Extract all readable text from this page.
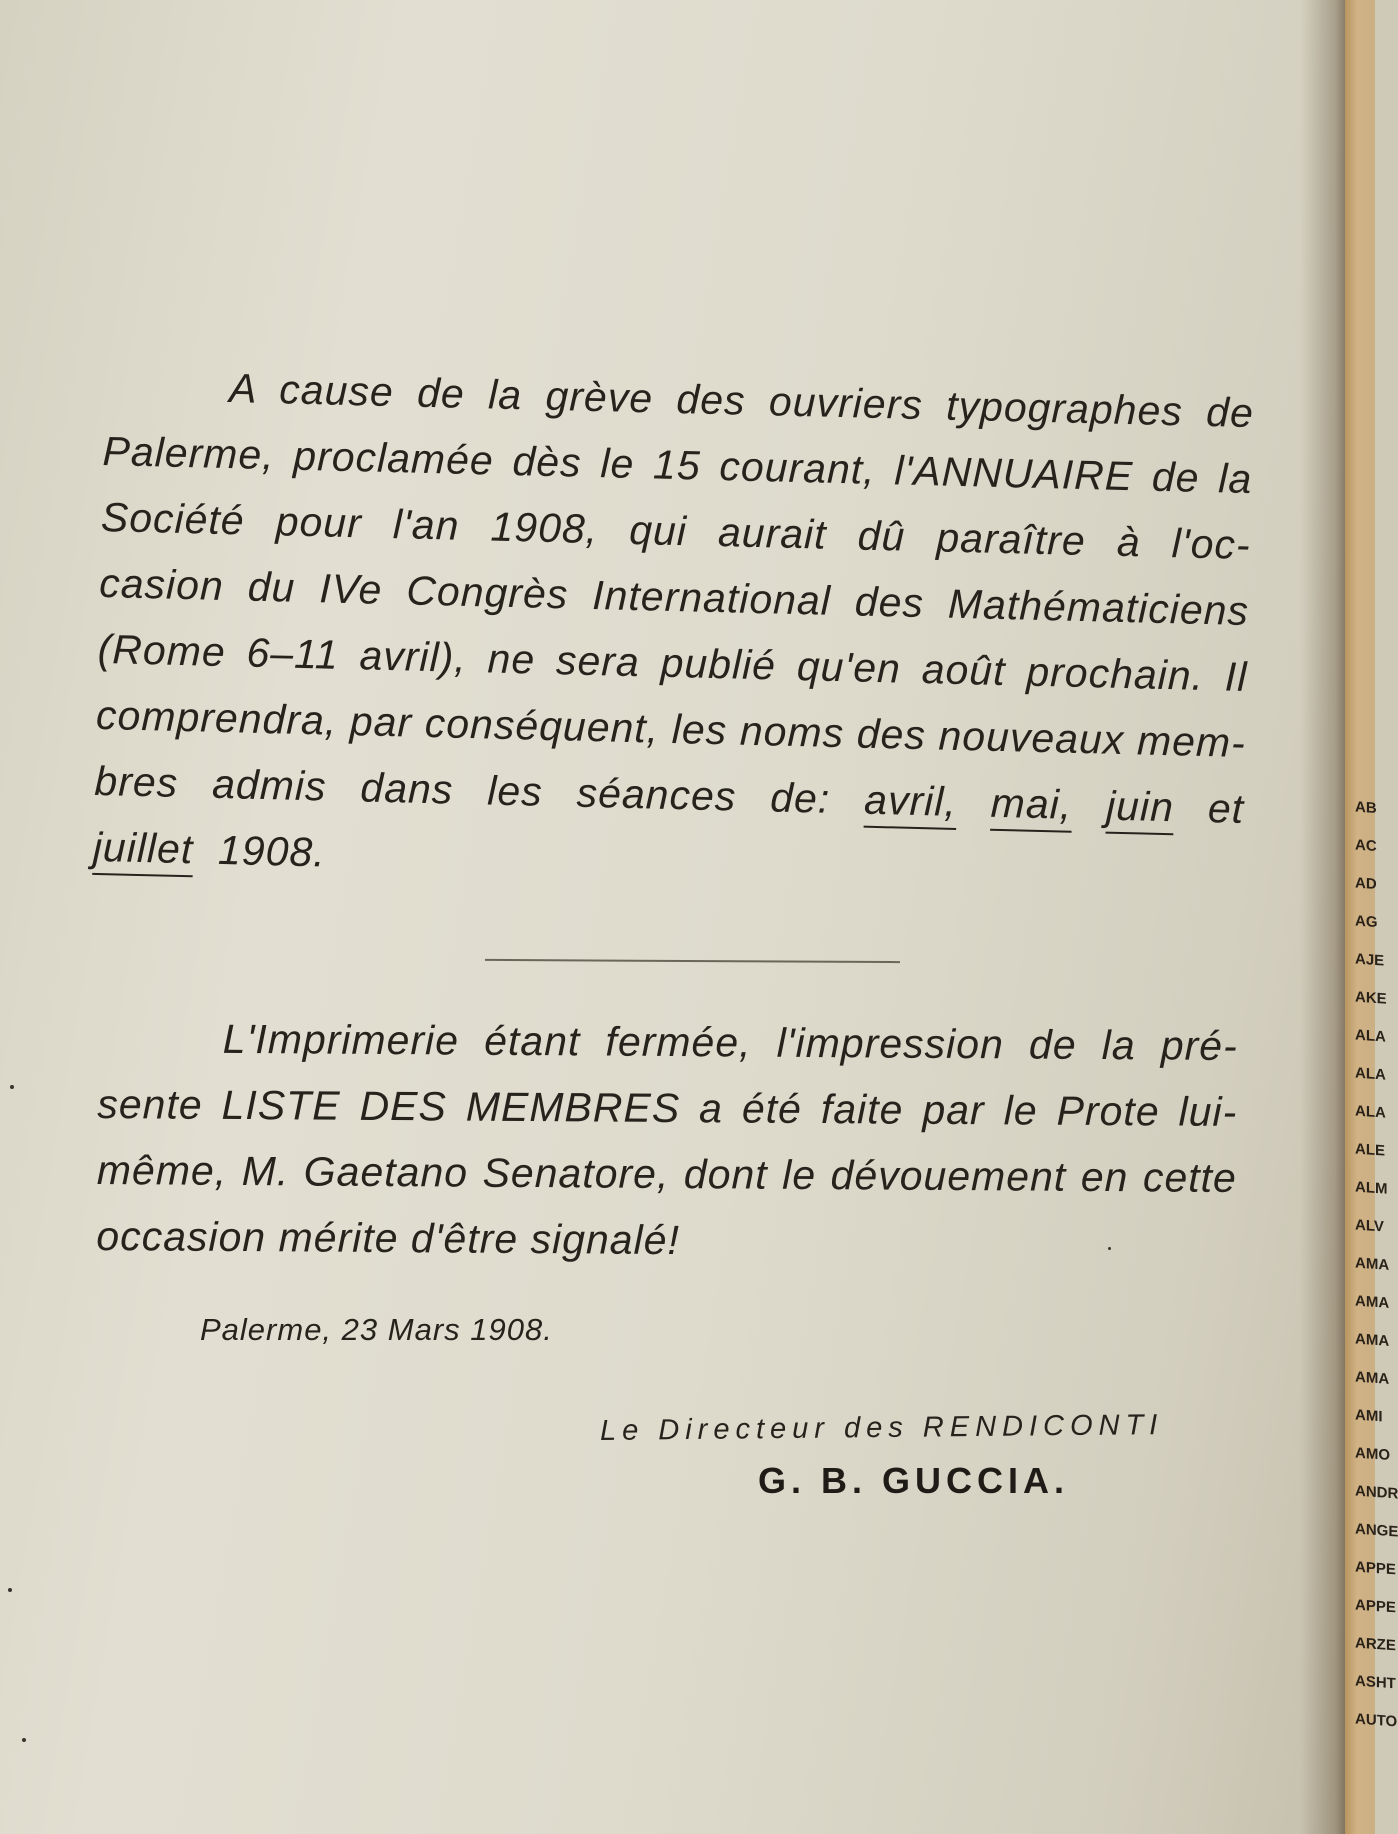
AB
AC
AD
AG
AJE
AKE
ALA
ALA
ALA
ALE
ALM
ALV
AMA
AMA
AMA
AMA
AMI
AMO
ANDR
ANGE
APPE
APPE
ARZE
ASHT
AUTO
A cause de la grève des ouvriers typographes de
Palerme, proclamée dès le 15 courant, l'ANNUAIRE de la
Société pour l'an 1908, qui aurait dû paraître à l'oc-
casion du IVe Congrès International des Mathématiciens
(Rome 6–11 avril), ne sera publié qu'en août prochain. Il
comprendra, par conséquent, les noms des nouveaux mem-
bres admis dans les séances de: avril, mai, juin et
juillet 1908.
L'Imprimerie étant fermée, l'impression de la pré-
sente LISTE DES MEMBRES a été faite par le Prote lui-
même, M. Gaetano Senatore, dont le dévouement en cette
occasion mérite d'être signalé!
Palerme, 23 Mars 1908.
Le Directeur des RENDICONTI
G. B. GUCCIA.
